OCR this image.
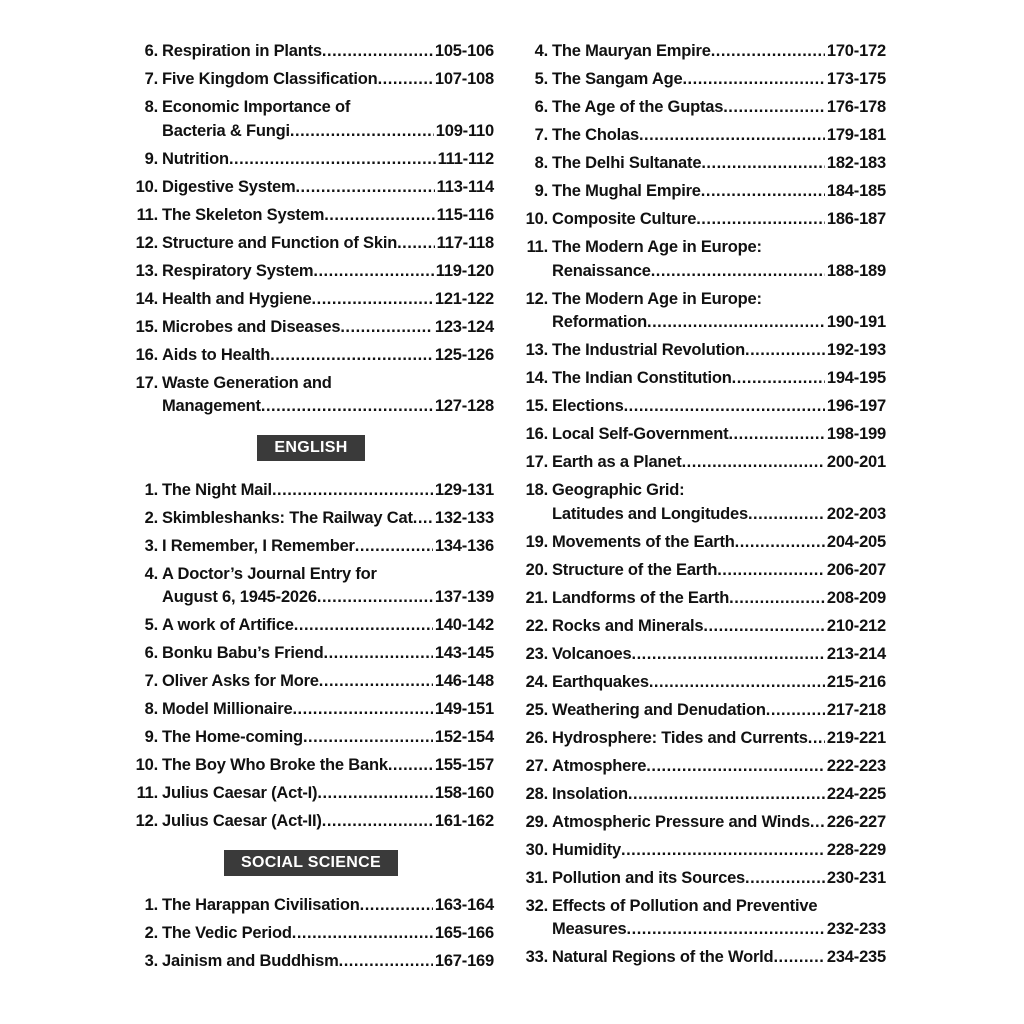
6. Respiration in Plants .....	105-106
7. Five Kingdom Classification .....	107-108
8. Economic Importance of
Bacteria & Fungi .....	109-110
9. Nutrition .....	111-112
10. Digestive System .....	113-114
11. The Skeleton System .....	115-116
12. Structure and Function of Skin ..... 117-118
13. Respiratory System .....	119-120
14. Health and Hygiene .....	121-122
15. Microbes and Diseases .....	123-124
16. Aids to Health .....	125-126
17. Waste Generation and
Management .....	127-128
ENGLISH
1. The Night Mail .....	129-131
2. Skimbleshanks: The Railway Cat ..... 132-133
3. I Remember, I Remember .....	134-136
4. A Doctor’s Journal Entry for
August 6, 1945-2026 .....	137-139
5. A work of Artifice .....	140-142
6. Bonku Babu’s Friend .....	143-145
7. Oliver Asks for More .....	146-148
8. Model Millionaire .....	149-151
9. The Home-coming .....	152-154
10. The Boy Who Broke the Bank .....	155-157
11. Julius Caesar (Act-I) .....	158-160
12. Julius Caesar (Act-II) .....	161-162
SOCIAL SCIENCE
1. The Harappan Civilisation .....	163-164
2. The Vedic Period .....	165-166
3. Jainism and Buddhism .....	167-169
4. The Mauryan Empire .....	170-172
5. The Sangam Age .....	173-175
6. The Age of the Guptas .....	176-178
7. The Cholas .....	179-181
8. The Delhi Sultanate .....	182-183
9. The Mughal Empire .....	184-185
10. Composite Culture .....	186-187
11. The Modern Age in Europe:
Renaissance .....	188-189
12. The Modern Age in Europe:
Reformation .....	190-191
13. The Industrial Revolution .....	192-193
14. The Indian Constitution .....	194-195
15. Elections .....	196-197
16. Local Self-Government .....	198-199
17. Earth as a Planet .....	200-201
18. Geographic Grid:
Latitudes and Longitudes .....	202-203
19. Movements of the Earth .....	204-205
20. Structure of the Earth .....	206-207
21. Landforms of the Earth .....	208-209
22. Rocks and Minerals .....	210-212
23. Volcanoes .....	213-214
24. Earthquakes .....	215-216
25. Weathering and Denudation .....	217-218
26. Hydrosphere: Tides and Currents ..... 219-221
27. Atmosphere .....	222-223
28. Insolation .....	224-225
29. Atmospheric Pressure and Winds ..... 226-227
30. Humidity .....	228-229
31. Pollution and its Sources .....	230-231
32. Effects of Pollution and Preventive
Measures .....	232-233
33. Natural Regions of the World .....	234-235
